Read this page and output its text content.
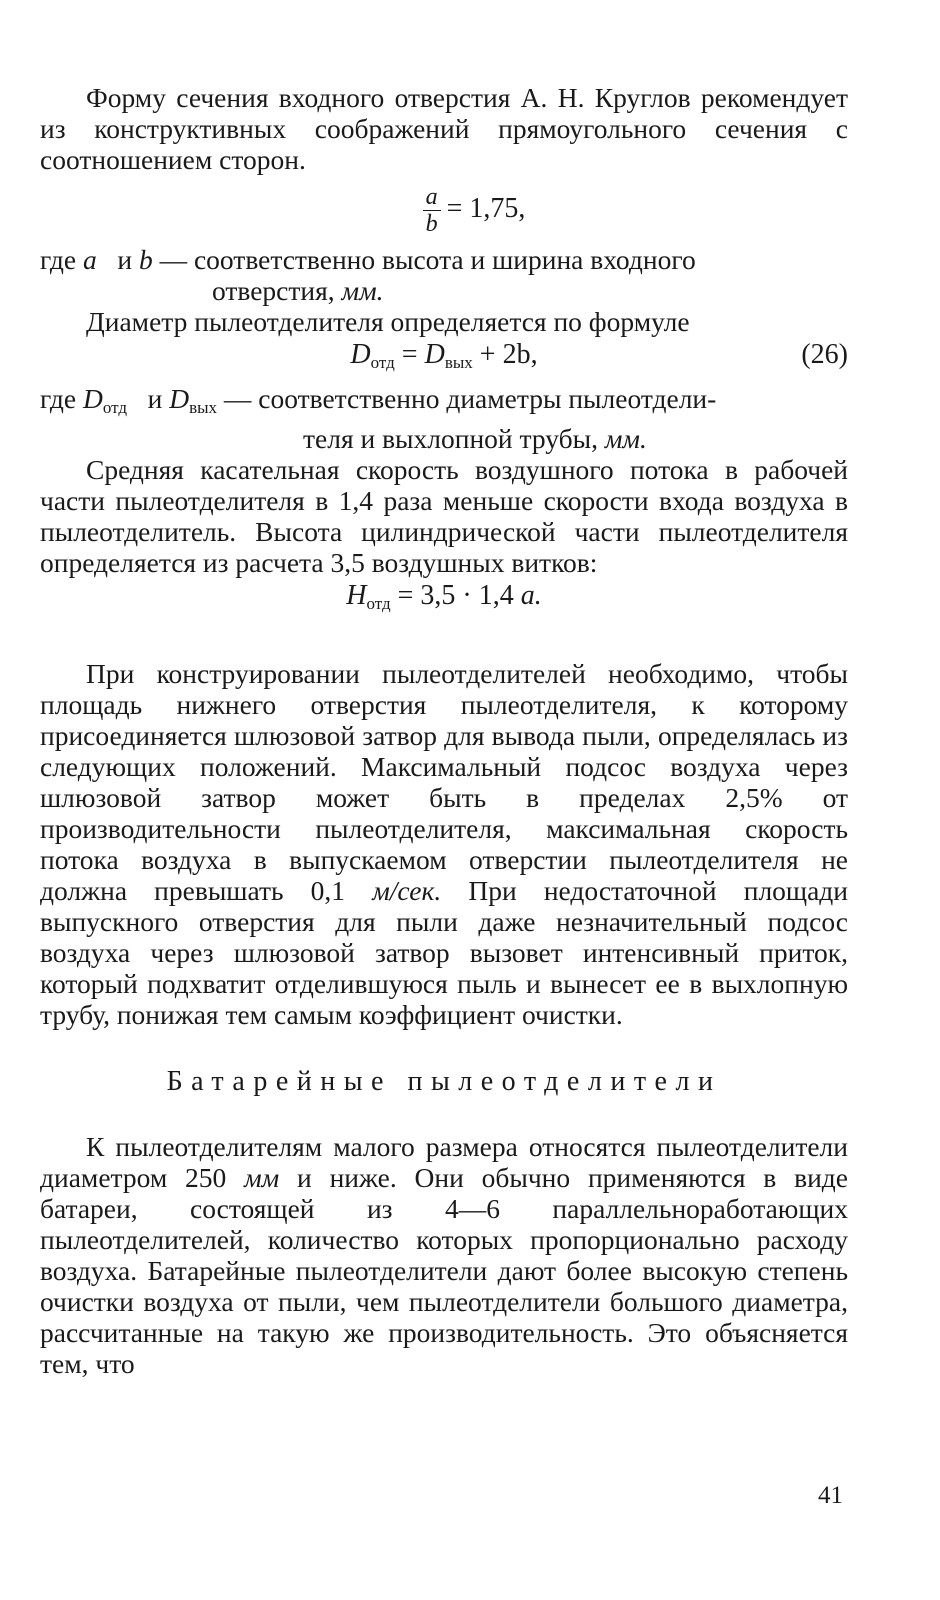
Форму сечения входного отверстия А. Н. Круглов рекомендует из конструктивных соображений прямоугольного сечения с соотношением сторон.

$\frac{a}{b} = 1,75$,

где a и b — соответственно высота и ширина входного

отверстия, мм.

Диаметр пылеотделителя определяется по формуле

$D_{отд} = D_{вых} + 2b$,	(26)

где $D_{отд}$ и $D_{вых}$ — соответственно диаметры пылеотдели-

теля и выхлопной трубы, мм.

Средняя касательная скорость воздушного потока в рабочей части пылеотделителя в 1,4 раза меньше скорости входа воздуха в пылеотделитель. Высота цилиндрической части пылеотделителя определяется из расчета 3,5 воздушных витков:

$H_{отд} = 3,5 \cdot 1,4$ a.

При конструировании пылеотделителей необходимо, чтобы площадь нижнего отверстия пылеотделителя, к которому присоединяется шлюзовой затвор для вывода пыли, определялась из следующих положений. Максимальный подсос воздуха через шлюзовой затвор может быть в пределах 2,5% от производительности пылеотделителя, максимальная скорость потока воздуха в выпускаемом отверстии пылеотделителя не должна превышать 0,1 м/сек. При недостаточной площади выпускного отверстия для пыли даже незначительный подсос воздуха через шлюзовой затвор вызовет интенсивный приток, который подхватит отделившуюся пыль и вынесет ее в выхлопную трубу, понижая тем самым коэффициент очистки.

Батарейные пылеотделители

К пылеотделителям малого размера относятся пылеотделители диаметром 250 мм и ниже. Они обычно применяются в виде батареи, состоящей из 4—6 параллельноработающих пылеотделителей, количество которых пропорционально расходу воздуха. Батарейные пылеотделители дают более высокую степень очистки воздуха от пыли, чем пылеотделители большого диаметра, рассчитанные на такую же производительность. Это объясняется тем, что

41
